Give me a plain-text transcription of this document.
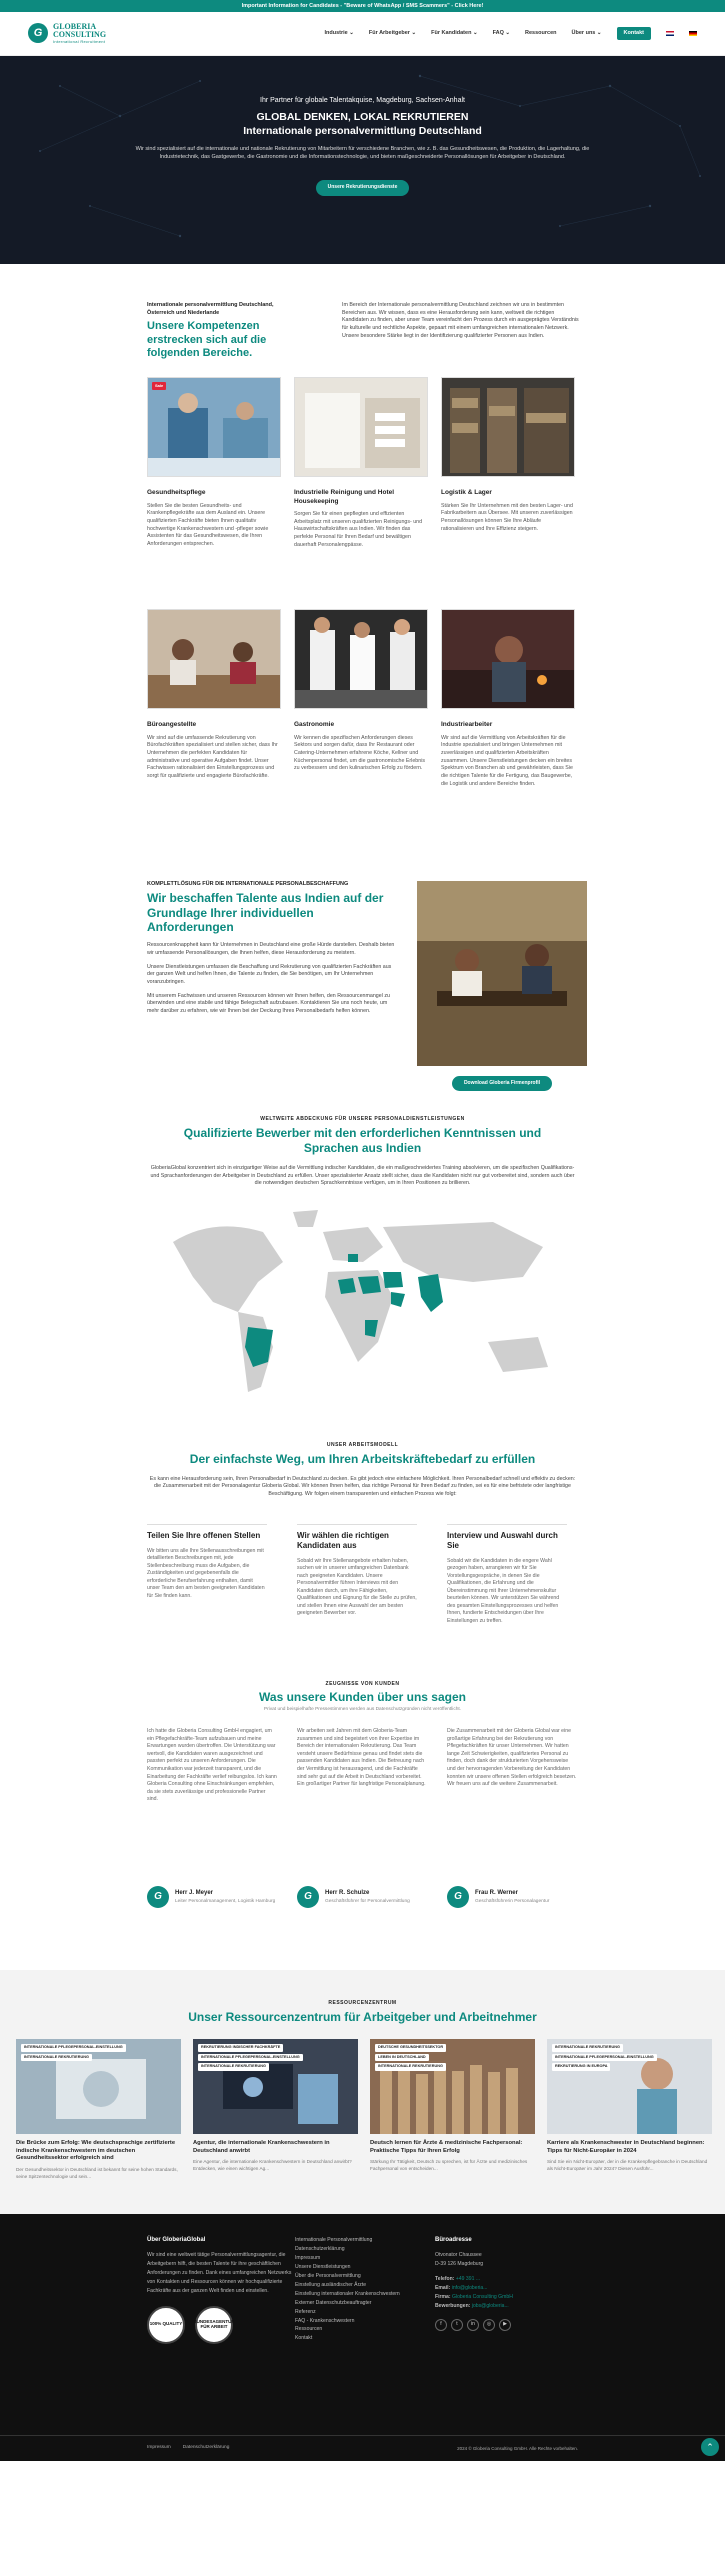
Important Information for Candidates - "Beware of WhatsApp / SMS Scammers" - Click Here!
G
GLOBERIA
CONSULTING
International Recruitment
Industrie ⌄	Für Arbeitgeber ⌄	Für Kandidaten ⌄	FAQ ⌄	Ressourcen	Über uns ⌄	Kontakt
Ihr Partner für globale Talentakquise, Magdeburg, Sachsen-Anhalt
GLOBAL DENKEN, LOKAL REKRUTIEREN
Internationale personalvermittlung Deutschland

Wir sind spezialisiert auf die internationale und nationale Rekrutierung von Mitarbeitern für verschiedene Branchen, wie z. B. das Gesundheitswesen, die Produktion, die Lagerhaltung, die Industrietechnik, das Gastgewerbe, die Gastronomie und die Informationstechnologie, und bieten maßgeschneiderte Personallösungen für Arbeitgeber in Deutschland.

Unsere Rekrutierungsdienste
Internationale personalvermittlung Deutschland, Österreich und Niederlande
Unsere Kompetenzen erstrecken sich auf die folgenden Bereiche.
Im Bereich der Internationale personalvermittlung Deutschland zeichnen wir uns in bestimmten Bereichen aus. Wir wissen, dass es eine Herausforderung sein kann, weltweit die richtigen Kandidaten zu finden, aber unser Team vereinfacht den Prozess durch ein ausgeprägtes Verständnis für kulturelle und rechtliche Aspekte, gepaart mit einem umfangreichen internationalen Netzwerk. Unsere besondere Stärke liegt in der Identifizierung qualifizierter Personen aus Indien.
Sale
Gesundheitspflege

Stellen Sie die besten Gesundheits- und Krankenpflegekräfte aus dem Ausland ein. Unsere qualifizierten Fachkräfte bieten Ihnen qualitativ hochwertige Krankenschwestern und -pfleger sowie Assistenten für das Gesundheitswesen, die Ihren Anforderungen entsprechen.

Industrielle Reinigung und Hotel Housekeeping

Sorgen Sie für einen gepflegten und effizienten Arbeitsplatz mit unseren qualifizierten Reinigungs- und Hauswirtschaftskräften aus Indien. Wir finden das perfekte Personal für Ihren Bedarf und bewältigen dauerhaft Personalengpässe.

Logistik & Lager

Stärken Sie Ihr Unternehmen mit den besten Lager- und Fabrikarbeitern aus Übersee. Mit unseren zuverlässigen Personallösungen können Sie Ihre Abläufe rationalisieren und Ihre Effizienz steigern.

Büroangestellte

Wir sind auf die umfassende Rekrutierung von Bürofachkräften spezialisiert und stellen sicher, dass Ihr Unternehmen die perfekten Kandidaten für administrative und operative Aufgaben findet. Unser Fachwissen rationalisiert den Einstellungsprozess und sorgt für qualifizierte und engagierte Bürofachkräfte.

Gastronomie

Wir kennen die spezifischen Anforderungen dieses Sektors und sorgen dafür, dass Ihr Restaurant oder Catering-Unternehmen erfahrene Köche, Kellner und Küchenpersonal findet, um die gastronomische Erlebnis zu verbessern und den kulinarischen Erfolg zu fördern.

Industriearbeiter

Wir sind auf die Vermittlung von Arbeitskräften für die Industrie spezialisiert und bringen Unternehmen mit zuverlässigen und qualifizierten Arbeitskräften zusammen. Unsere Dienstleistungen decken ein breites Spektrum von Branchen ab und gewährleisten, dass Sie die richtigen Talente für die Fertigung, das Baugewerbe, die Logistik und andere Bereiche finden.

KOMPLETTLÖSUNG FÜR DIE INTERNATIONALE PERSONALBESCHAFFUNG
Wir beschaffen Talente aus Indien auf der Grundlage Ihrer individuellen Anforderungen

Ressourcenknappheit kann für Unternehmen in Deutschland eine große Hürde darstellen. Deshalb bieten wir umfassende Personallösungen, die Ihnen helfen, diese Herausforderung zu meistern.

Unsere Dienstleistungen umfassen die Beschaffung und Rekrutierung von qualifizierten Fachkräften aus der ganzen Welt und helfen Ihnen, die Talente zu finden, die Sie benötigen, um Ihr Unternehmen voranzubringen.

Mit unserem Fachwissen und unseren Ressourcen können wir Ihnen helfen, den Ressourcenmangel zu überwinden und eine stabile und fähige Belegschaft aufzubauen. Kontaktieren Sie uns noch heute, um mehr darüber zu erfahren, wie wir Ihnen bei der Deckung Ihres Personalbedarfs helfen können.

Download Globeria Firmenprofil
WELTWEITE ABDECKUNG FÜR UNSERE PERSONALDIENSTLEISTUNGEN
Qualifizierte Bewerber mit den erforderlichen Kenntnissen und Sprachen aus Indien
GloberiaGlobal konzentriert sich in einzigartiger Weise auf die Vermittlung indischer Kandidaten, die ein maßgeschneidertes Training absolvieren, um die spezifischen Qualifikations- und Sprachanforderungen der Arbeitgeber in Deutschland zu erfüllen. Unser spezialisierter Ansatz stellt sicher, dass die Kandidaten nicht nur gut vorbereitet sind, sondern auch über die notwendigen deutschen Sprachkenntnisse verfügen, um in Ihren Positionen zu brillieren.
UNSER ARBEITSMODELL
Der einfachste Weg, um Ihren Arbeitskräftebedarf zu erfüllen
Es kann eine Herausforderung sein, Ihren Personalbedarf in Deutschland zu decken. Es gibt jedoch eine einfachere Möglichkeit. Ihren Personalbedarf schnell und effektiv zu decken: die Zusammenarbeit mit der Personalagentur Globeria Global. Wir können Ihnen helfen, das richtige Personal für Ihren Bedarf zu finden, sei es für eine befristete oder langfristige Beschäftigung. Wir folgen einem transparenten und einfachen Prozess wie folgt:
Teilen Sie Ihre offenen Stellen

Wir bitten uns alle Ihre Stellenausschreibungen mit detaillierten Beschreibungen mit, jede Stellenbeschreibung muss die Aufgaben, die Zuständigkeiten und gegebenenfalls die erforderliche Berufserfahrung enthalten, damit unser Team den am besten geeigneten Kandidaten für Sie finden kann.

Wir wählen die richtigen Kandidaten aus

Sobald wir Ihre Stellenangebote erhalten haben, suchen wir in unserer umfangreichen Datenbank nach geeigneten Kandidaten. Unsere Personalvermittler führen Interviews mit den Kandidaten durch, um ihre Fähigkeiten, Qualifikationen und Eignung für die Stelle zu prüfen, und stellen Ihnen eine Auswahl der am besten geeigneten Bewerber vor.

Interview und Auswahl durch Sie

Sobald wir die Kandidaten in die engere Wahl gezogen haben, arrangieren wir für Sie Vorstellungsgespräche, in denen Sie die Qualifikationen, die Erfahrung und die Übereinstimmung mit Ihrer Unternehmenskultur beurteilen können. Wir unterstützen Sie während des gesamten Einstellungsprozesses und helfen Ihnen, fundierte Entscheidungen über Ihre Einstellungen zu treffen.

ZEUGNISSE VON KUNDEN
Was unsere Kunden über uns sagen
Privat und beispielhafte Pressestimmen werden aus Datenschutzgründen nicht veröffentlicht.
Ich hatte die Globeria Consulting GmbH engagiert, um ein Pflegefachkräfte-Team aufzubauen und meine Erwartungen wurden übertroffen. Die Unterstützung war wertvoll, die Kandidaten waren ausgezeichnet und passten perfekt zu unseren Anforderungen. Die Kommunikation war jederzeit transparent, und die Einarbeitung der Fachkräfte verlief reibungslos. Ich kann Globeria Consulting ohne Einschränkungen empfehlen, da sie stets zuverlässige und professionelle Partner sind.
G	Herr J. Meyer
Leiter Personalmanagement, Logistik Hamburg
Wir arbeiten seit Jahren mit dem Globeria-Team zusammen und sind begeistert von ihrer Expertise im Bereich der internationalen Rekrutierung. Das Team versteht unsere Bedürfnisse genau und findet stets die passenden Kandidaten aus Indien. Die Betreuung nach der Vermittlung ist herausragend, und die Fachkräfte sind sehr gut auf die Arbeit in Deutschland vorbereitet. Ein großartiger Partner für langfristige Personalplanung.
G	Herr R. Schulze
Geschäftsführer für Personalvermittlung
Die Zusammenarbeit mit der Globeria Global war eine großartige Erfahrung bei der Rekrutierung von Pflegefachkräften für unser Unternehmen. Wir hatten lange Zeit Schwierigkeiten, qualifiziertes Personal zu finden, doch dank der strukturierten Vorgehensweise und der hervorragenden Vorbereitung der Kandidaten konnten wir unsere offenen Stellen erfolgreich besetzen. Wir freuen uns auf die weitere Zusammenarbeit.
G	Frau R. Werner
Geschäftsführerin Personalagentur
RESSOURCENZENTRUM
Unser Ressourcenzentrum für Arbeitgeber und Arbeitnehmer
INTERNATIONALE PFLEGEPERSONAL-EINSTELLUNG
INTERNATIONALE REKRUTIERUNG
Die Brücke zum Erfolg: Wie deutschsprachige zertifizierte indische Krankenschwestern im deutschen Gesundheitssektor erfolgreich sind

Der Gesundheitssektor in Deutschland ist bekannt für seine hohen Standards, seine Spitzentechnologie und sein...

REKRUTIERUNG INDISCHER FACHKRÄFTE
INTERNATIONALE PFLEGEPERSONAL-EINSTELLUNG
INTERNATIONALE REKRUTIERUNG
Agentur, die internationale Krankenschwestern in Deutschland anwirbt

Eine Agentur, die internationale Krankenschwestern in Deutschland anwirbt? Entdecken, wie einen wichtigen Ag...

DEUTSCHE GESUNDHEITSSEKTOR
LEBEN IN DEUTSCHLAND
INTERNATIONALE REKRUTIERUNG
Deutsch lernen für Ärzte & medizinische Fachpersonal: Praktische Tipps für Ihren Erfolg

Stärkung Ihr Tätigkeit, Deutsch zu sprechen, ist für Ärzte und medizinisches Fachpersonal von entscheiden...

INTERNATIONALE REKRUTIERUNG
INTERNATIONALE PFLEGEPERSONAL-EINSTELLUNG
REKRUTIERUNG IN EUROPA
Karriere als Krankenschwester in Deutschland beginnen: Tipps für Nicht-Europäer in 2024

Sind Sie ein Nicht-Europäer, der in die Krankenpflegebranche in Deutschland als Nicht-Europäer im Jahr 2024? Diesen Ausführ...

Über GloberiaGlobal

Wir sind eine weltweit tätige Personalvermittlungsagentur, die Arbeitgebern hilft, die besten Talente für ihre geschäftlichen Anforderungen zu finden. Dank eines umfangreichen Netzwerks von Kontakten und Ressourcen können wir hochqualifizierte Fachkräfte aus der ganzen Welt finden und einstellen.

100% QUALITY	BUNDESAGENTUR FÜR ARBEIT
Internationale Personalvermittlung
Datenschutzerklärung
Impressum
Unsere Dienstleistungen
Über die Personalvermittlung
Einstellung ausländischer Ärzte
Einstellung internationaler Krankenschwestern
Externer Datenschutzbeauftragter
Referenz
FAQ - Krankenschwestern
Ressourcen
Kontakt
Büroadresse

Otvonator Chaussee
D-39 126 Magdeburg

Telefon: +49 391 ...
Email: info@globeria...
Firma: Globeria Consulting GmbH
Bewerbungen: jobs@globeria...

f	t	in	◎	▶
Impressum	Datenschutzerklärung	2024 © Globeria Consulting GmbH. Alle Rechte vorbehalten.	⌃
